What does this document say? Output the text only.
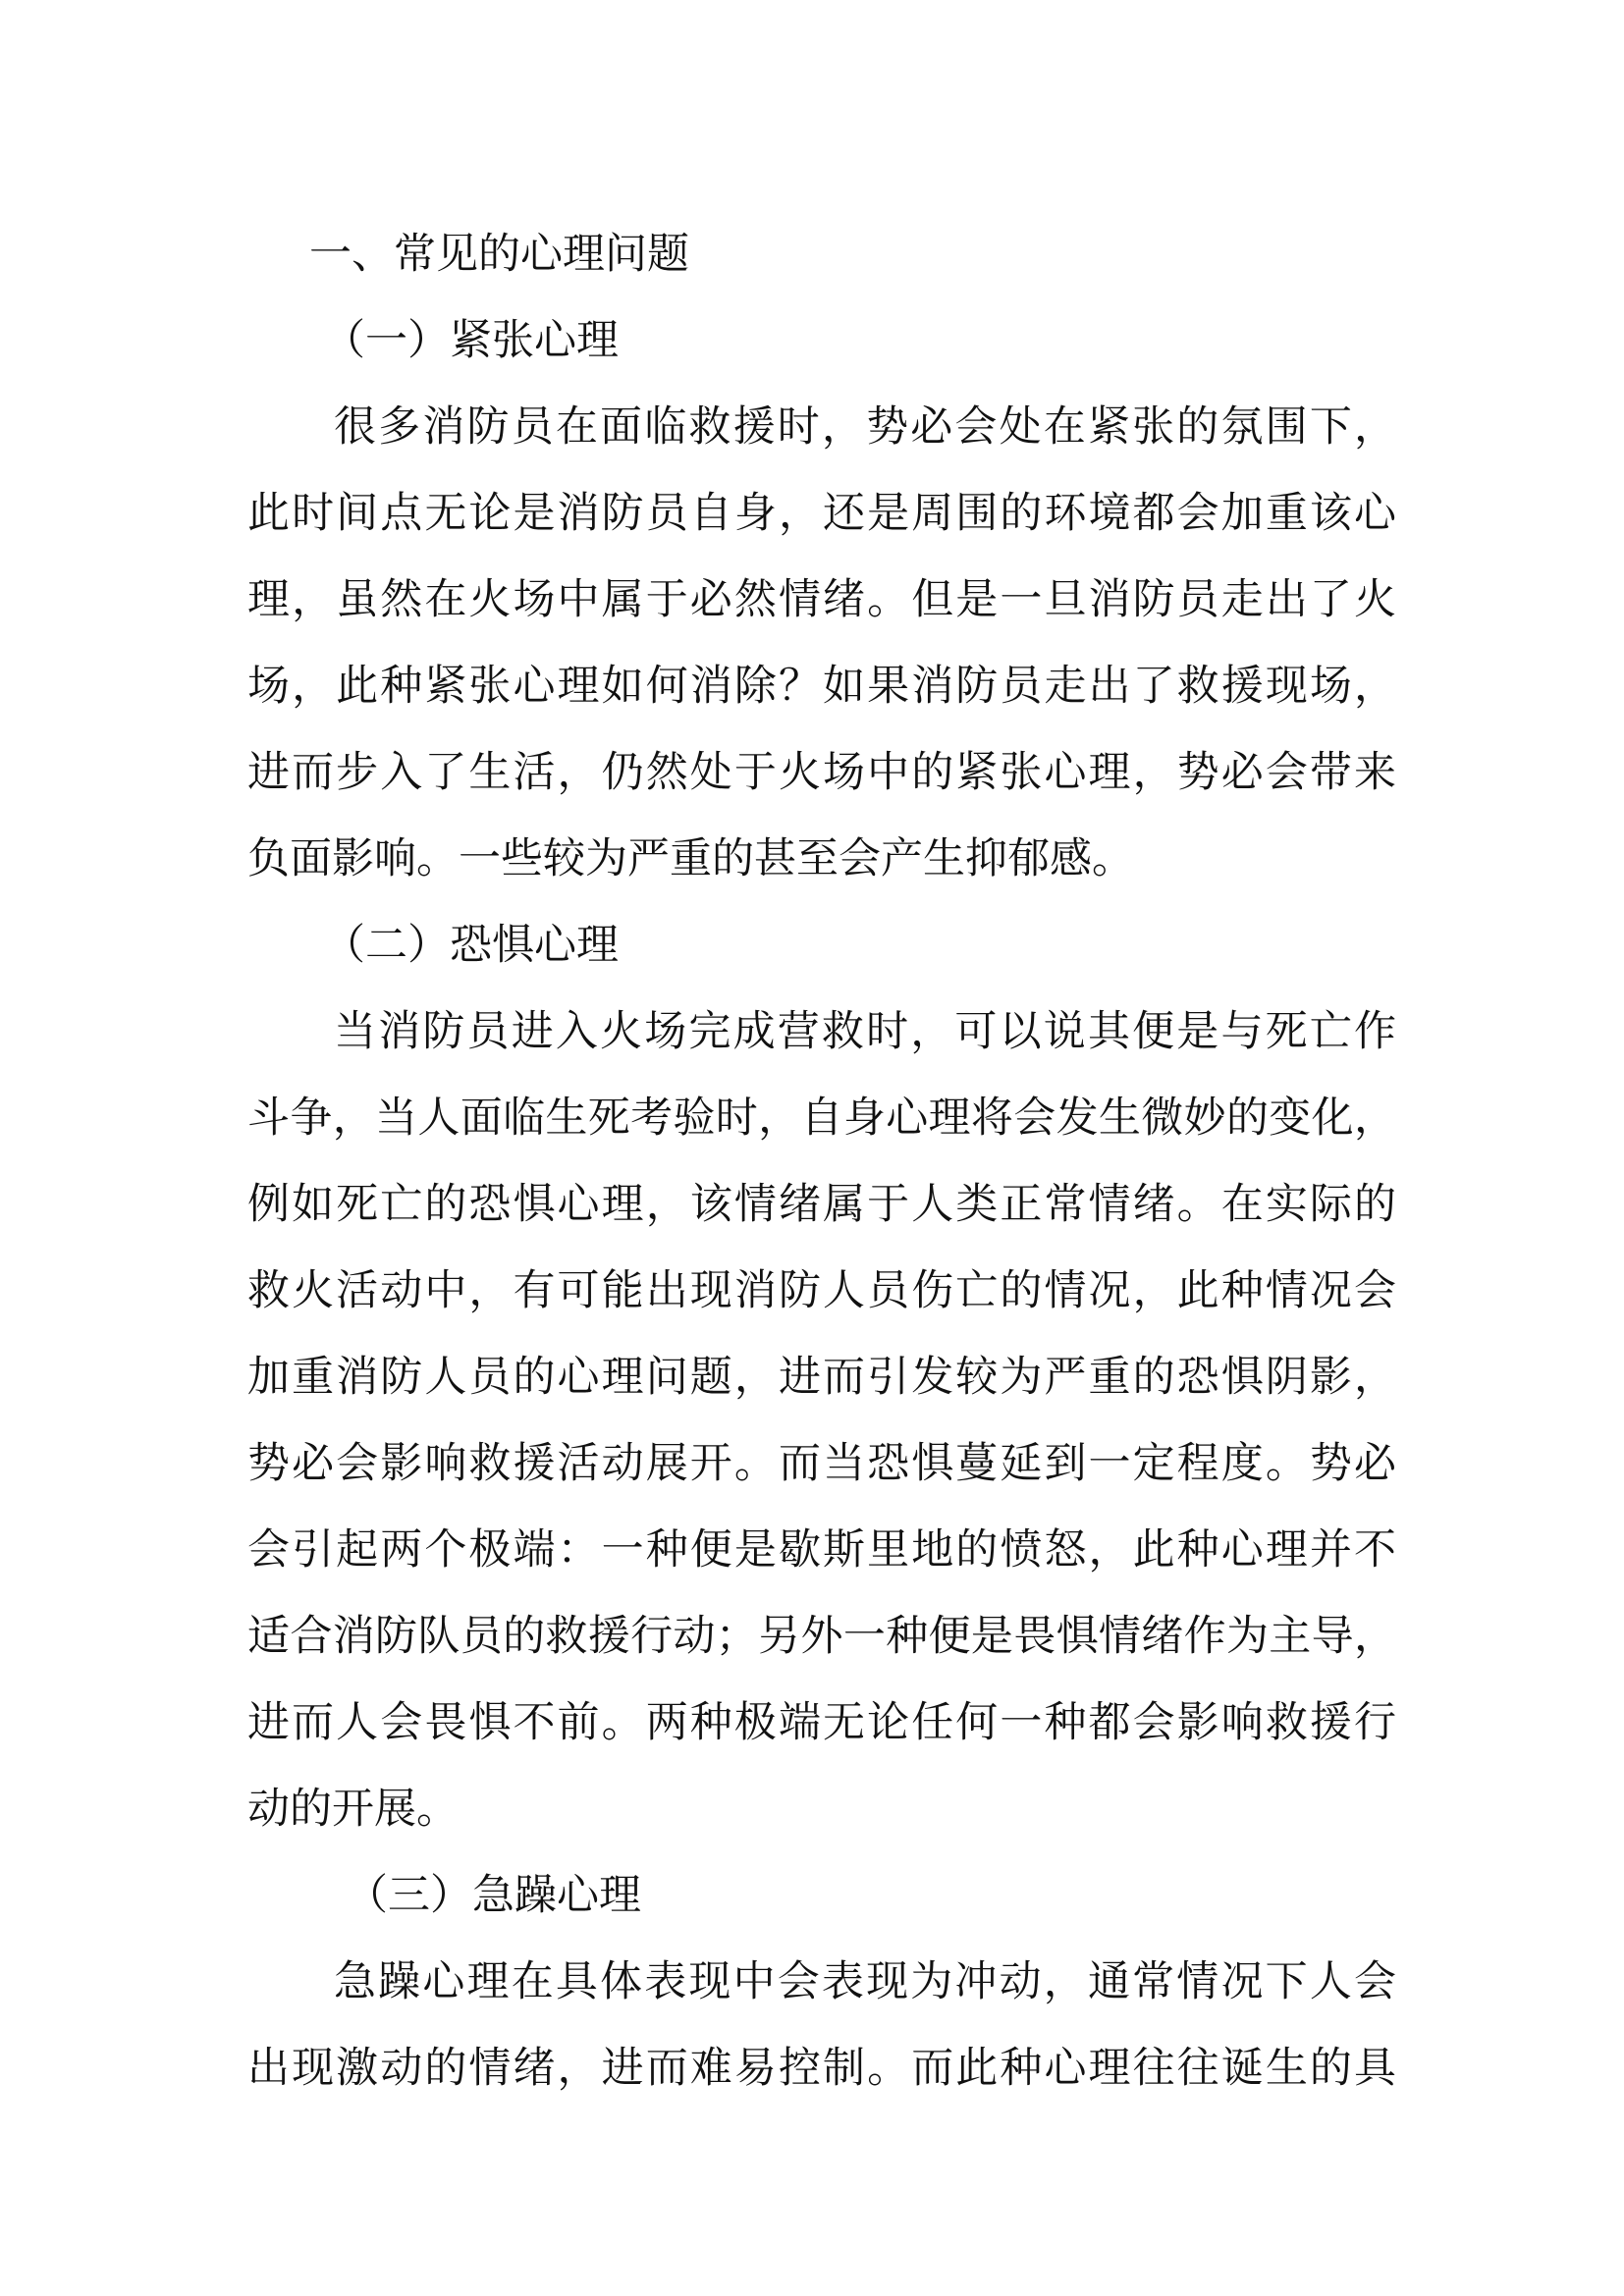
一、常见的心理问题
（一）紧张心理
很多消防员在面临救援时，势必会处在紧张的氛围下，
此时间点无论是消防员自身，还是周围的环境都会加重该心
理，虽然在火场中属于必然情绪。但是一旦消防员走出了火
场，此种紧张心理如何消除？如果消防员走出了救援现场，
进而步入了生活，仍然处于火场中的紧张心理，势必会带来
负面影响。一些较为严重的甚至会产生抑郁感。
（二）恐惧心理
当消防员进入火场完成营救时，可以说其便是与死亡作
斗争，当人面临生死考验时，自身心理将会发生微妙的变化，
例如死亡的恐惧心理，该情绪属于人类正常情绪。在实际的
救火活动中，有可能出现消防人员伤亡的情况，此种情况会
加重消防人员的心理问题，进而引发较为严重的恐惧阴影，
势必会影响救援活动展开。而当恐惧蔓延到一定程度。势必
会引起两个极端：一种便是歇斯里地的愤怒，此种心理并不
适合消防队员的救援行动；另外一种便是畏惧情绪作为主导，
进而人会畏惧不前。两种极端无论任何一种都会影响救援行
动的开展。
（三）急躁心理
急躁心理在具体表现中会表现为冲动，通常情况下人会
出现激动的情绪，进而难易控制。而此种心理往往诞生的具
